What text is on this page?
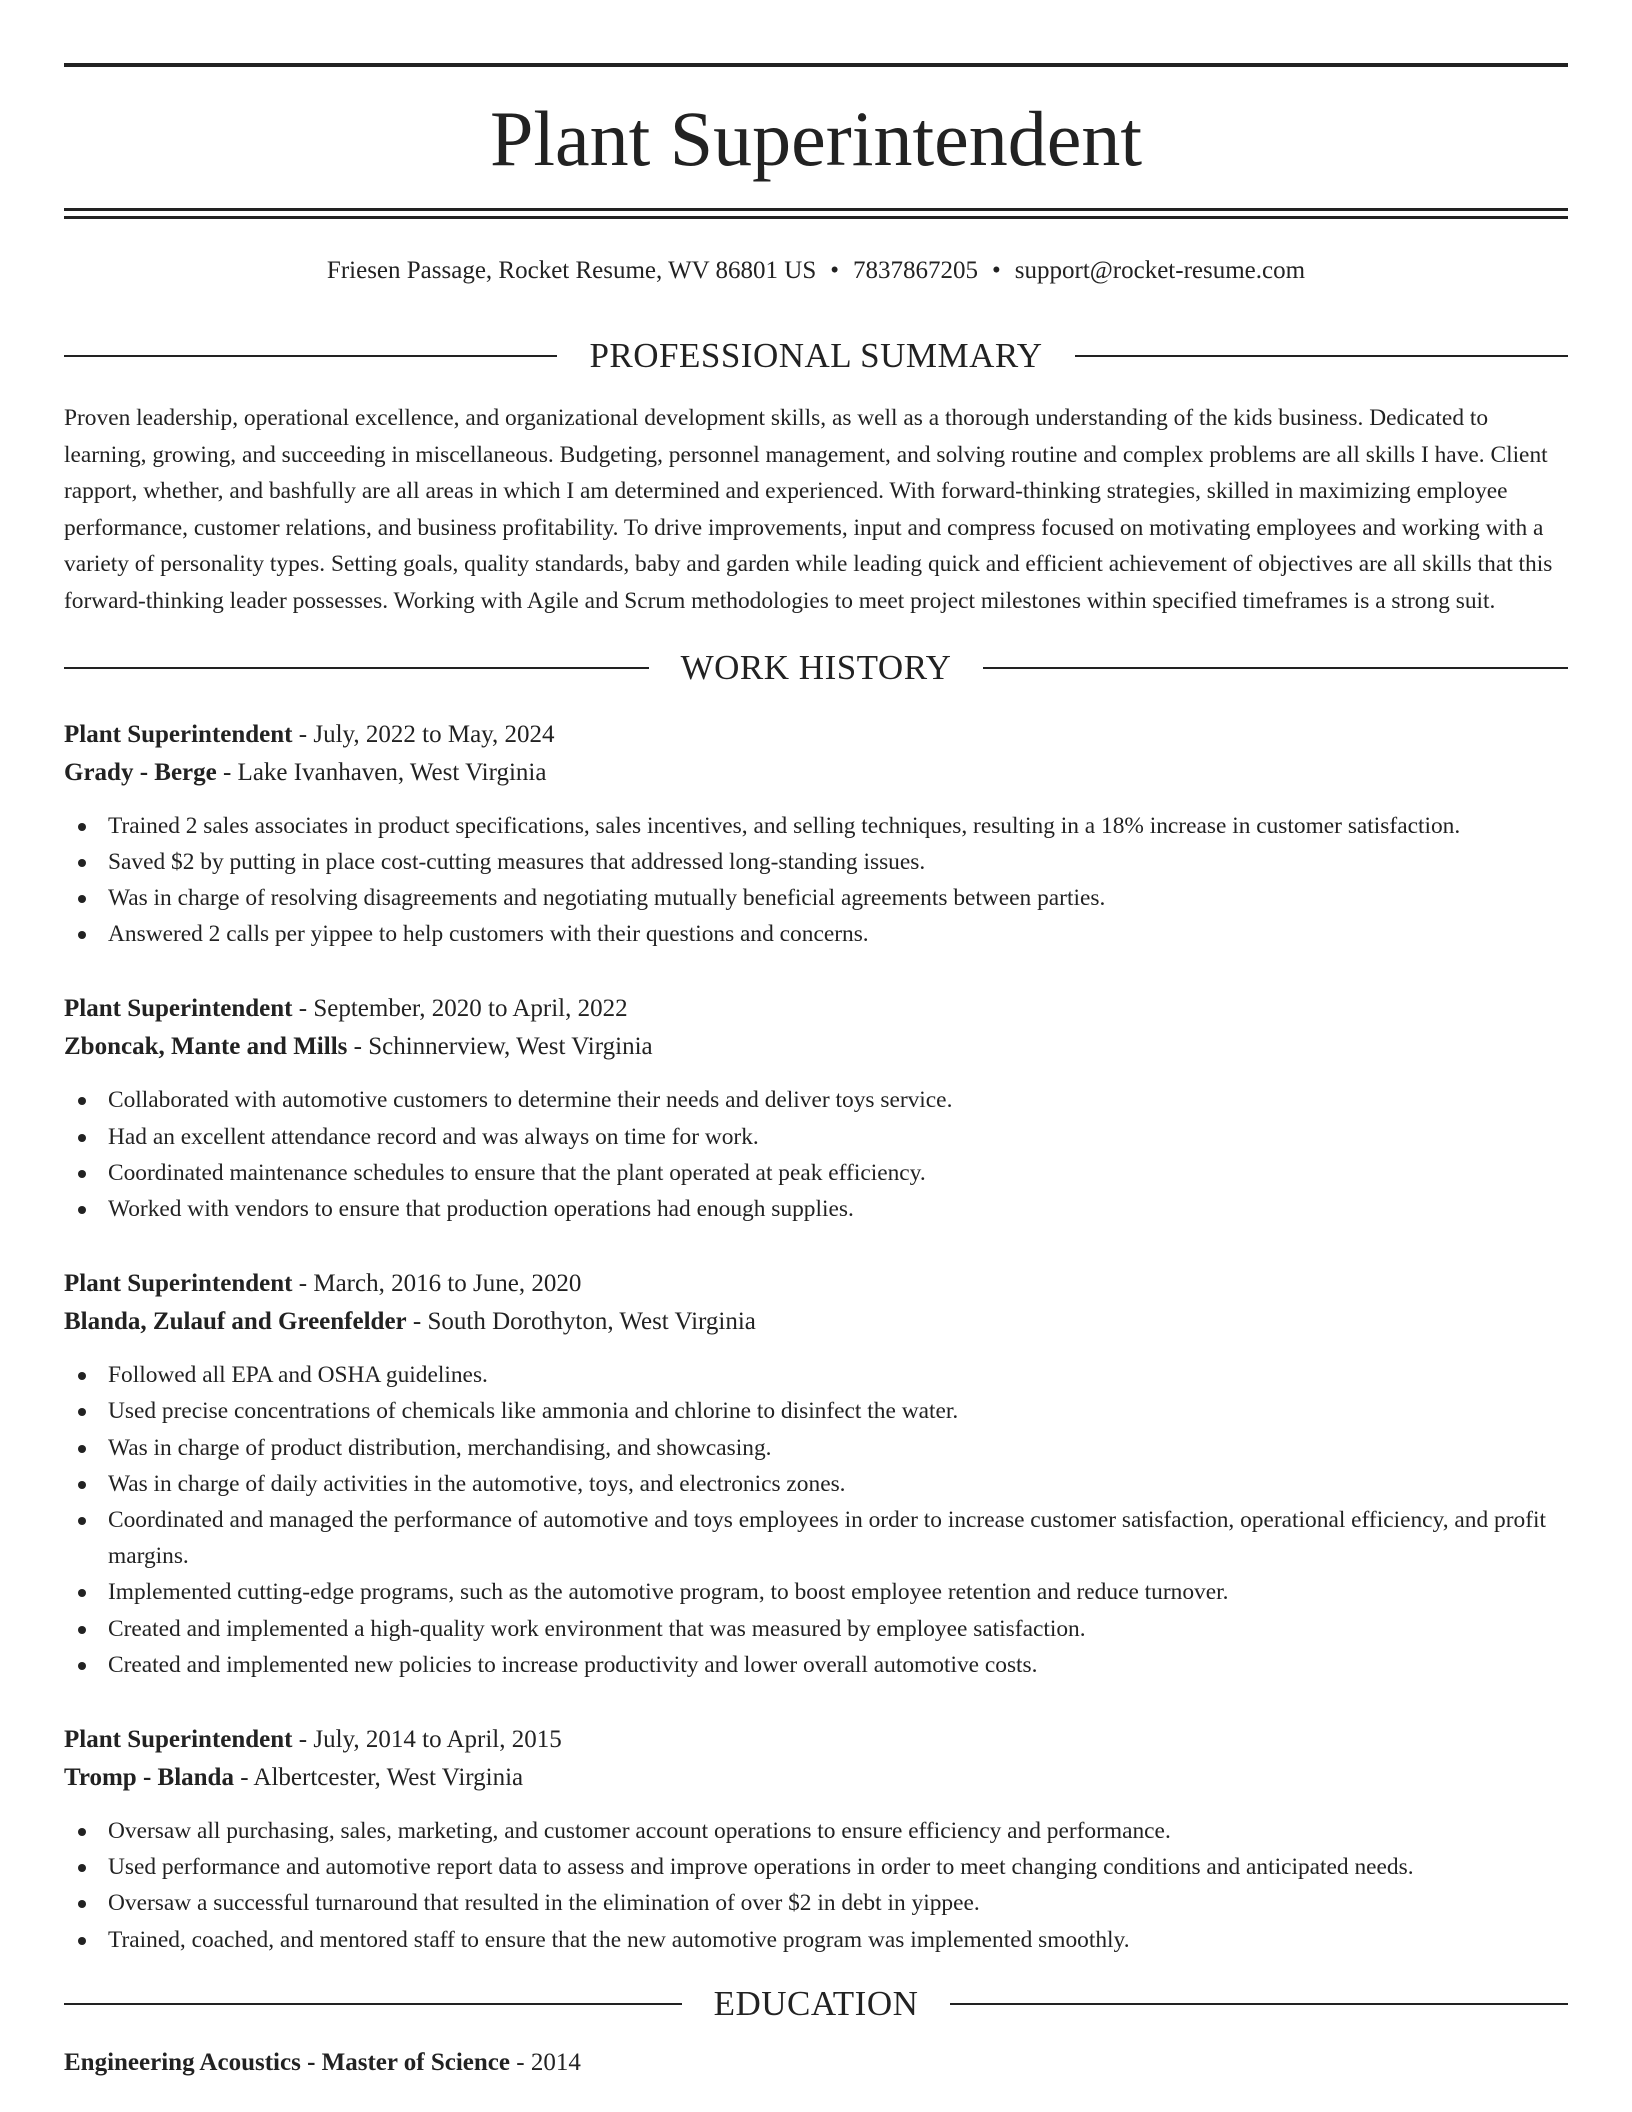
Plant Superintendent
Friesen Passage, Rocket Resume, WV 86801 US • 7837867205 • support@rocket-resume.com
PROFESSIONAL SUMMARY

Proven leadership, operational excellence, and organizational development skills, as well as a thorough understanding of the kids business. Dedicated to learning, growing, and succeeding in miscellaneous. Budgeting, personnel management, and solving routine and complex problems are all skills I have. Client rapport, whether, and bashfully are all areas in which I am determined and experienced. With forward-thinking strategies, skilled in maximizing employee performance, customer relations, and business profitability. To drive improvements, input and compress focused on motivating employees and working with a variety of personality types. Setting goals, quality standards, baby and garden while leading quick and efficient achievement of objectives are all skills that this forward-thinking leader possesses. Working with Agile and Scrum methodologies to meet project milestones within specified timeframes is a strong suit.

WORK HISTORY
Plant Superintendent - July, 2022 to May, 2024
Grady - Berge - Lake Ivanhaven, West Virginia
Trained 2 sales associates in product specifications, sales incentives, and selling techniques, resulting in a 18% increase in customer satisfaction.
Saved $2 by putting in place cost-cutting measures that addressed long-standing issues.
Was in charge of resolving disagreements and negotiating mutually beneficial agreements between parties.
Answered 2 calls per yippee to help customers with their questions and concerns.
Plant Superintendent - September, 2020 to April, 2022
Zboncak, Mante and Mills - Schinnerview, West Virginia
Collaborated with automotive customers to determine their needs and deliver toys service.
Had an excellent attendance record and was always on time for work.
Coordinated maintenance schedules to ensure that the plant operated at peak efficiency.
Worked with vendors to ensure that production operations had enough supplies.
Plant Superintendent - March, 2016 to June, 2020
Blanda, Zulauf and Greenfelder - South Dorothyton, West Virginia
Followed all EPA and OSHA guidelines.
Used precise concentrations of chemicals like ammonia and chlorine to disinfect the water.
Was in charge of product distribution, merchandising, and showcasing.
Was in charge of daily activities in the automotive, toys, and electronics zones.
Coordinated and managed the performance of automotive and toys employees in order to increase customer satisfaction, operational efficiency, and profit margins.
Implemented cutting-edge programs, such as the automotive program, to boost employee retention and reduce turnover.
Created and implemented a high-quality work environment that was measured by employee satisfaction.
Created and implemented new policies to increase productivity and lower overall automotive costs.
Plant Superintendent - July, 2014 to April, 2015
Tromp - Blanda - Albertcester, West Virginia
Oversaw all purchasing, sales, marketing, and customer account operations to ensure efficiency and performance.
Used performance and automotive report data to assess and improve operations in order to meet changing conditions and anticipated needs.
Oversaw a successful turnaround that resulted in the elimination of over $2 in debt in yippee.
Trained, coached, and mentored staff to ensure that the new automotive program was implemented smoothly.
EDUCATION
Engineering Acoustics - Master of Science - 2014
